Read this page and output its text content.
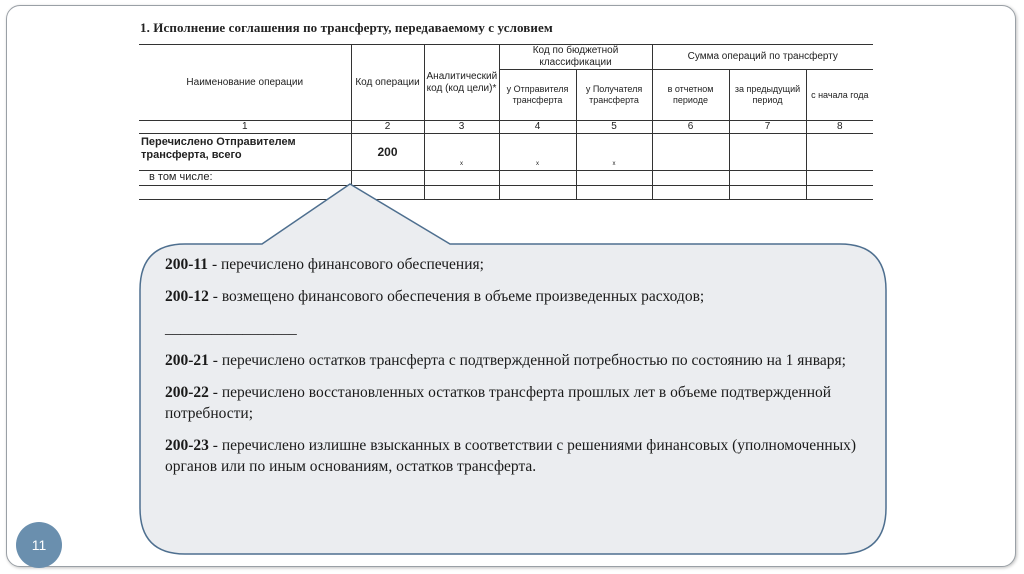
1. Исполнение соглашения по трансферту, передаваемому с условием
Наименование операции	Код операции	Аналитический код (код цели)*	Код по бюджетной классификации		Сумма операций по трансферту		
			у Отправителя трансферта	у Получателя трансферта	в отчетном периоде	за предыдущий период	с начала года
1	2	3	4	5	6	7	8
Перечислено Отправителем трансферта, всего	200	x	x	x			
в том числе:							

200-11 - перечислено финансового обеспечения;

200-12 - возмещено финансового обеспечения в объеме произведенных расходов;

_________________

200-21 - перечислено остатков трансферта с подтвержденной потребностью по состоянию на 1 января;

200-22 - перечислено восстановленных остатков трансферта прошлых лет в объеме подтвержденной потребности;

200-23 - перечислено излишне взысканных в соответствии с решениями финансовых (уполномоченных) органов или по иным основаниям, остатков трансферта.

11
